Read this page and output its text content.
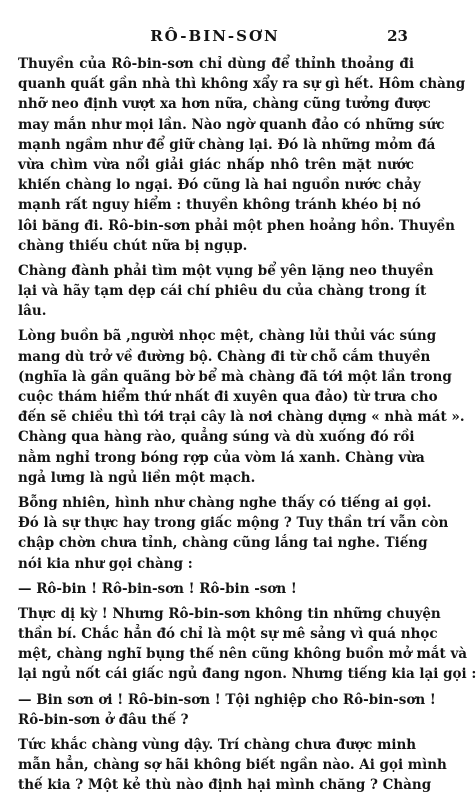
RÔ-BIN-SƠN	23
Thuyền của Rô-bin-sơn chỉ dùng để thỉnh thoảng đi
quanh quất gần nhà thì không xẩy ra sự gì hết. Hôm chàng
nhỡ neo định vượt xa hơn nữa, chàng cũng tưởng được
may mắn như mọi lần. Nào ngờ quanh đảo có những sức
mạnh ngầm như để giữ chàng lại. Đó là những mỏm đá
vừa chìm vừa nổi giải giác nhấp nhô trên mặt nước
khiến chàng lo ngại. Đó cũng là hai nguồn nước chảy
mạnh rất nguy hiểm : thuyền không tránh khéo bị nó
lôi băng đi. Rô-bin-sơn phải một phen hoảng hồn. Thuyền
chàng thiếu chút nữa bị ngụp.
Chàng đành phải tìm một vụng bể yên lặng neo thuyền
lại và hãy tạm dẹp cái chí phiêu du của chàng trong ít
lâu.
Lòng buồn bã ,người nhọc mệt, chàng lủi thủi vác súng
mang dù trở về đường bộ. Chàng đi từ chỗ cắm thuyền
(nghĩa là gần quãng bờ bể mà chàng đã tới một lần trong
cuộc thám hiểm thứ nhất đi xuyên qua đảo) từ trưa cho
đến sẽ chiều thì tới trại cây là nơi chàng dựng « nhà mát ».
Chàng qua hàng rào, quẳng súng và dù xuống đó rồi
nằm nghỉ trong bóng rợp của vòm lá xanh. Chàng vừa
ngả lưng là ngủ liền một mạch.
Bỗng nhiên, hình như chàng nghe thấy có tiếng ai gọi.
Đó là sự thực hay trong giấc mộng ? Tuy thần trí vẫn còn
chập chờn chưa tỉnh, chàng cũng lắng tai nghe. Tiếng
nói kia như gọi chàng :
— Rô-bin ! Rô-bin-sơn ! Rô-bin -sơn !
Thực dị kỳ ! Nhưng Rô-bin-sơn không tin những chuyện
thần bí. Chắc hẳn đó chỉ là một sự mê sảng vì quá nhọc
mệt, chàng nghĩ bụng thế nên cũng không buồn mở mắt và
lại ngủ nốt cái giấc ngủ đang ngon. Nhưng tiếng kia lại gọi :
— Bin sơn ơi ! Rô-bin-sơn ! Tội nghiệp cho Rô-bin-sơn !
Rô-bin-sơn ở đâu thế ?
Tức khắc chàng vùng dậy. Trí chàng chưa được minh
mẫn hẳn, chàng sợ hãi không biết ngần nào. Ai gọi mình
thế kia ? Một kẻ thù nào định hại mình chăng ? Chàng
